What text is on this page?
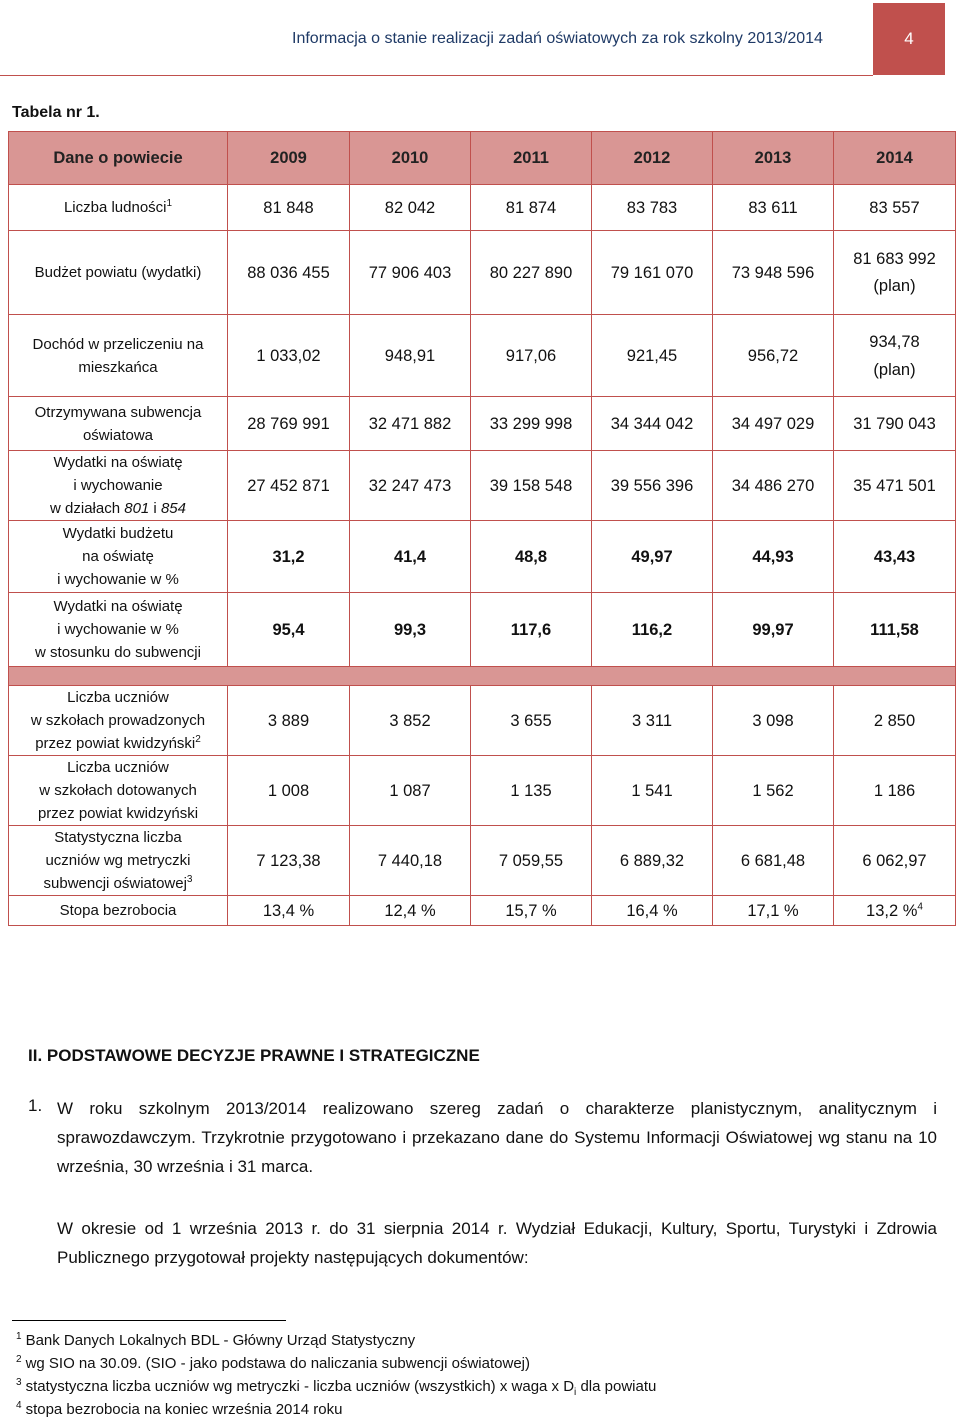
Informacja o stanie realizacji zadań oświatowych za rok szkolny 2013/2014	4
Tabela nr 1.
Dane o powiecie	2009	2010	2011	2012	2013	2014
Liczba ludności$^1$	81 848	82 042	81 874	83 783	83 611	83 557
Budżet powiatu (wydatki)	88 036 455	77 906 403	80 227 890	79 161 070	73 948 596	81 683 992
(plan)
Dochód w przeliczeniu na
mieszkańca	1 033,02	948,91	917,06	921,45	956,72	934,78
(plan)
Otrzymywana subwencja
oświatowa	28 769 991	32 471 882	33 299 998	34 344 042	34 497 029	31 790 043
Wydatki na oświatę
i wychowanie
w działach 801 i 854	27 452 871	32 247 473	39 158 548	39 556 396	34 486 270	35 471 501
Wydatki budżetu
na oświatę
i wychowanie w %	31,2	41,4	48,8	49,97	44,93	43,43
Wydatki na oświatę
i wychowanie w %
w stosunku do subwencji	95,4	99,3	117,6	116,2	99,97	111,58

Liczba uczniów
w szkołach prowadzonych
przez powiat kwidzyński$^2$	3 889	3 852	3 655	3 311	3 098	2 850
Liczba uczniów
w szkołach dotowanych
przez powiat kwidzyński	1 008	1 087	1 135	1 541	1 562	1 186
Statystyczna liczba
uczniów wg metryczki
subwencji oświatowej$^3$	7 123,38	7 440,18	7 059,55	6 889,32	6 681,48	6 062,97
Stopa bezrobocia	13,4 %	12,4 %	15,7 %	16,4 %	17,1 %	13,2 %$^4$
II. PODSTAWOWE DECYZJE PRAWNE I STRATEGICZNE
1. W roku szkolnym 2013/2014 realizowano szereg zadań o charakterze planistycznym, analitycznym i sprawozdawczym. Trzykrotnie przygotowano i przekazano dane do Systemu Informacji Oświatowej wg stanu na 10 września, 30 września i 31 marca.
W okresie od 1 września 2013 r. do 31 sierpnia 2014 r. Wydział Edukacji, Kultury, Sportu, Turystyki i Zdrowia Publicznego przygotował projekty następujących dokumentów:
$^1$ Bank Danych Lokalnych BDL - Główny Urząd Statystyczny
$^2$ wg SIO na 30.09. (SIO - jako podstawa do naliczania subwencji oświatowej)
$^3$ statystyczna liczba uczniów wg metryczki - liczba uczniów (wszystkich) x waga x $D_i$ dla powiatu
$^4$ stopa bezrobocia na koniec września 2014 roku
